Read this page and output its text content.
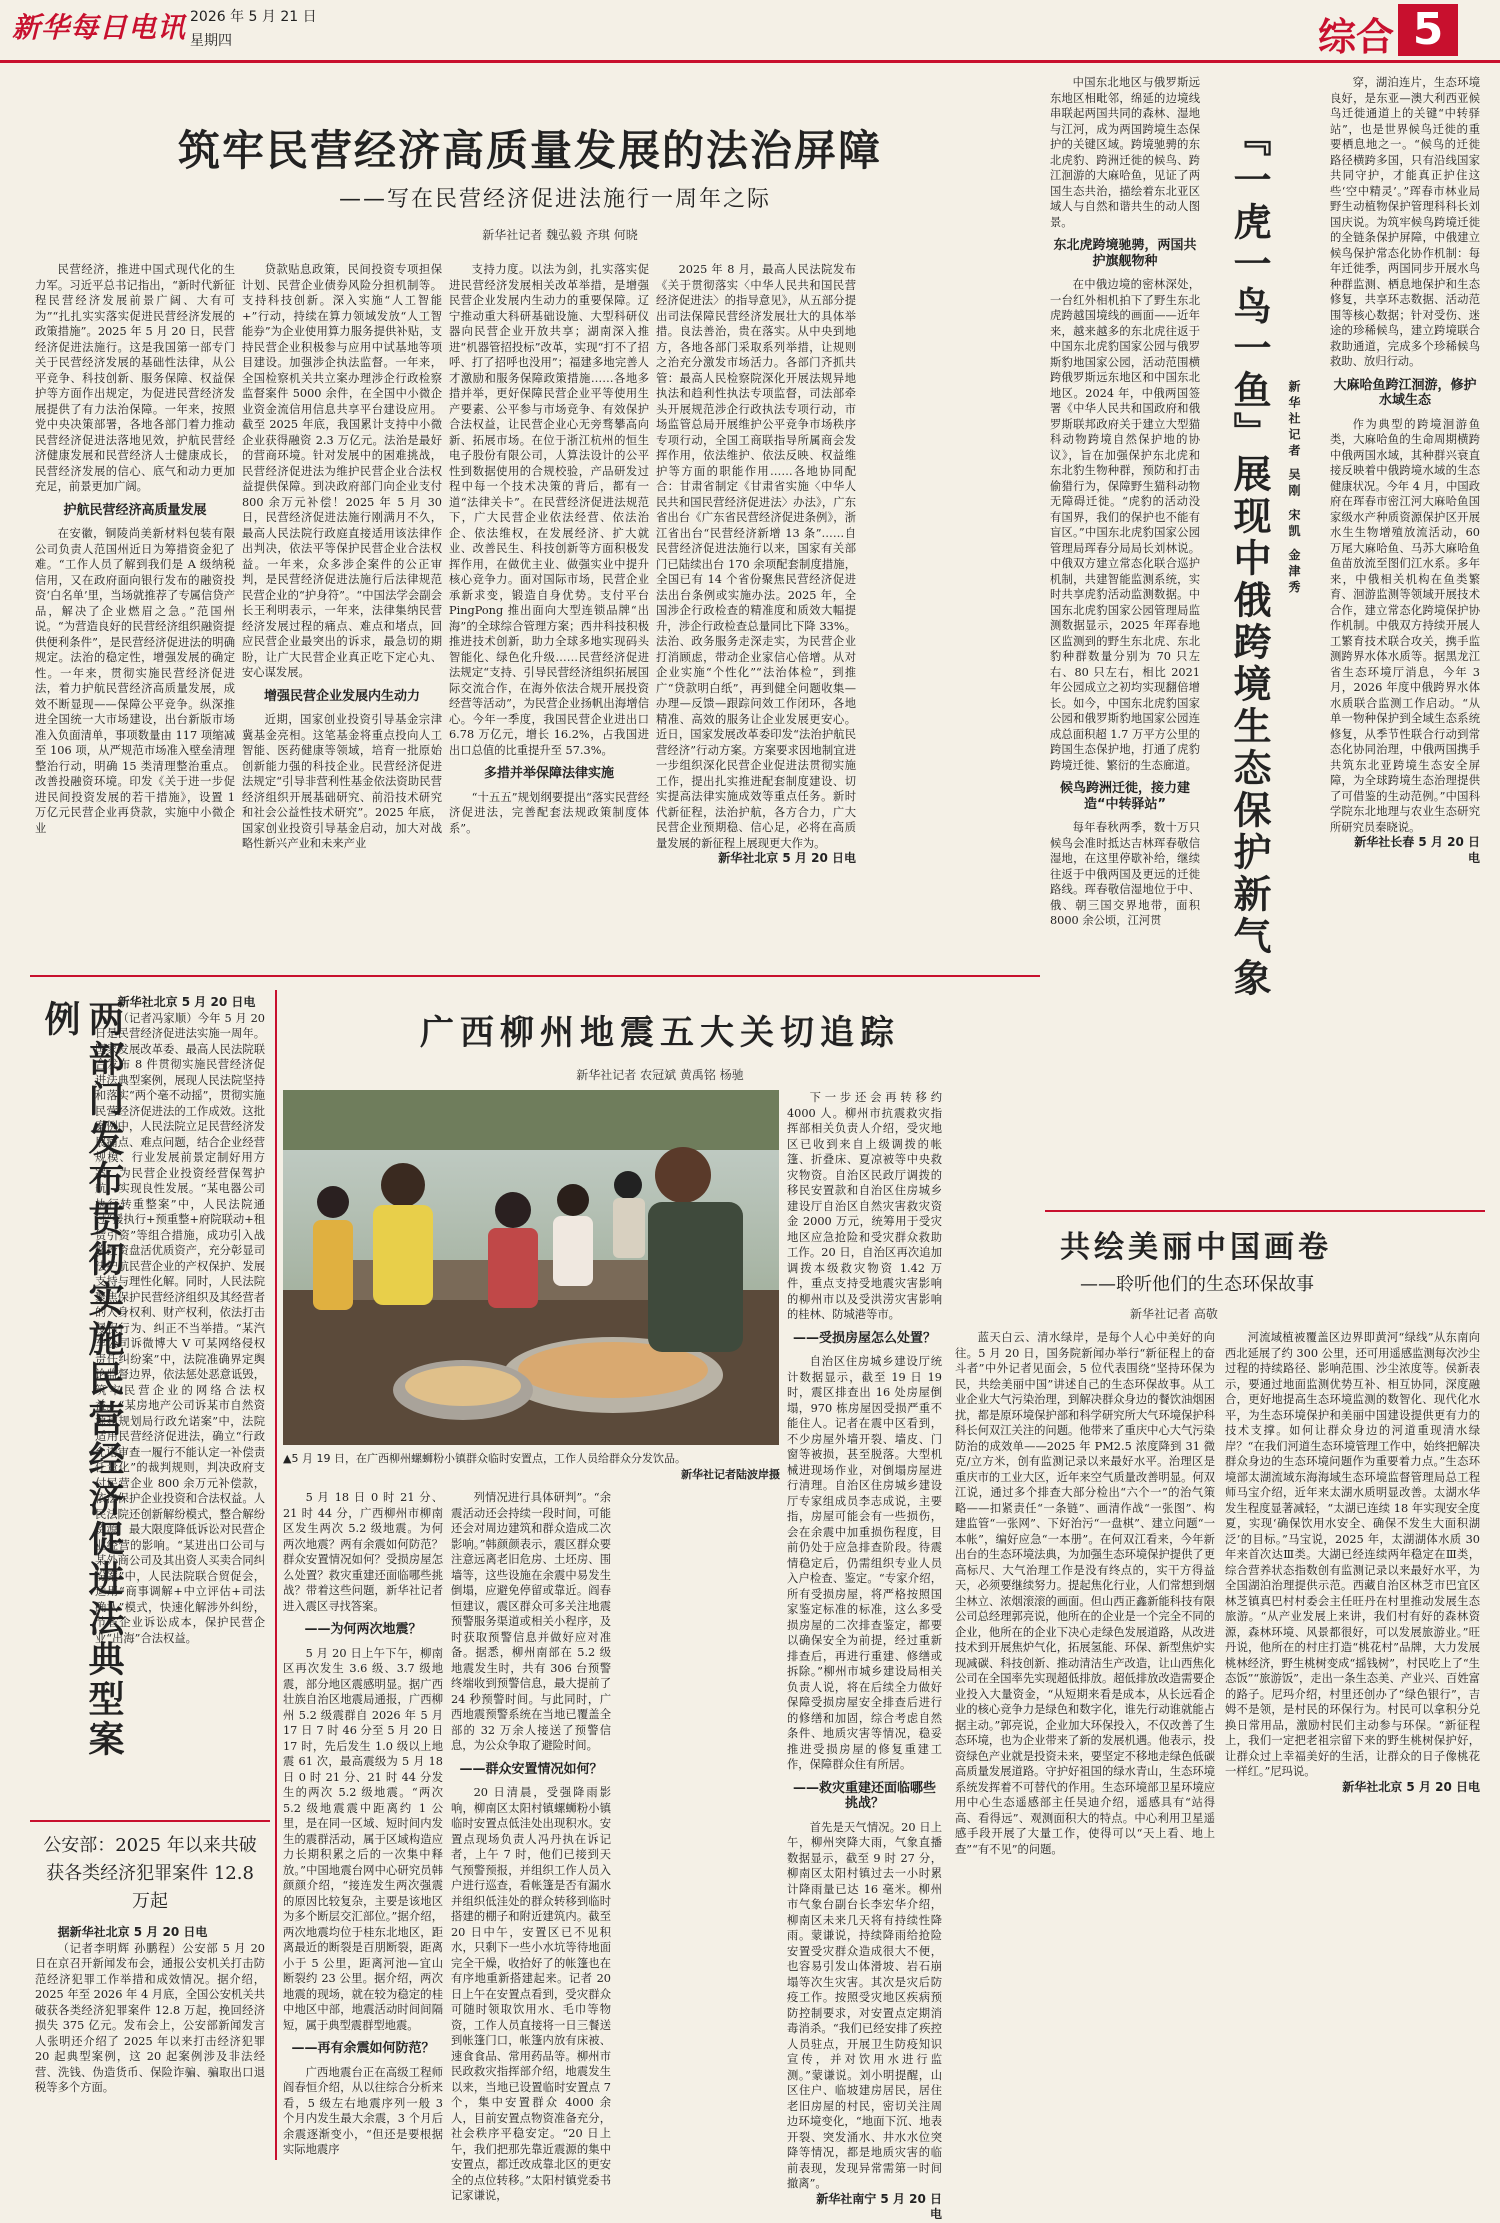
新华每日电讯 2026 年 5 月 21 日
星期四	综合 5
筑牢民营经济高质量发展的法治屏障
——写在民营经济促进法施行一周年之际
新华社记者 魏弘毅 齐琪 何晓

民营经济，推进中国式现代化的生力军。习近平总书记指出，“新时代新征程民营经济发展前景广阔、大有可为”“扎扎实实落实促进民营经济发展的政策措施”。2025 年 5 月 20 日，民营经济促进法施行。这是我国第一部专门关于民营经济发展的基础性法律，从公平竞争、科技创新、服务保障、权益保护等方面作出规定，为促进民营经济发展提供了有力法治保障。一年来，按照党中央决策部署，各地各部门着力推动民营经济促进法落地见效，护航民营经济健康发展和民营经济人士健康成长，民营经济发展的信心、底气和动力更加充足，前景更加广阔。

护航民营经济高质量发展

在安徽，铜陵尚美新材料包装有限公司负责人范国州近日为筹措资金犯了难。“工作人员了解到我们是 A 级纳税信用，又在政府面向银行发布的融资投资‘白名单’里，当场就推荐了专属信贷产品，解决了企业燃眉之急。”范国州说。“为营造良好的民营经济组织融资提供便利条件”，是民营经济促进法的明确规定。法治的稳定性，增强发展的确定性。一年来，贯彻实施民营经济促进法，着力护航民营经济高质量发展，成效不断显现——保障公平竞争。纵深推进全国统一大市场建设，出台新版市场准入负面清单，事项数量由 117 项缩减至 106 项，从严规范市场准入壁垒清理整治行动，明确 15 类清理整治重点。改善投融资环境。印发《关于进一步促进民间投资发展的若干措施》，设置 1 万亿元民营企业再贷款，实施中小微企业

贷款贴息政策，民间投资专项担保计划、民营企业债券风险分担机制等。支持科技创新。深入实施“人工智能+”行动，持续在算力领域发放“人工智能券”为企业使用算力服务提供补贴，支持民营企业积极参与应用中试基地等项目建设。加强涉企执法监督。一年来，全国检察机关共立案办理涉企行政检察监督案件 5000 余件，在全国中小微企业资金流信用信息共享平台建设应用。截至 2025 年底，我国累计支持中小微企业获得融资 2.3 万亿元。法治是最好的营商环境。针对发展中的困难挑战，民营经济促进法为维护民营企业合法权益提供保障。到决政府部门向企业支付 800 余万元补偿！2025 年 5 月 30 日，民营经济促进法施行刚满月不久，最高人民法院行政庭直接适用该法律作出判决，依法平等保护民营企业合法权益。一年来，众多涉企案件的公正审判，是民营经济促进法施行后法律规范民营企业的“护身符”。“中国法学会副会长王利明表示，一年来，法律集纳民营经济发展过程的痛点、难点和堵点，回应民营企业最突出的诉求，最急切的期盼，让广大民营企业真正吃下定心丸、安心谋发展。

增强民营企业发展内生动力

近期，国家创业投资引导基金宗津冀基金亮相。这笔基金将重点投向人工智能、医药健康等领域，培育一批原始创新能力强的科技企业。民营经济促进法规定“引导非营利性基金依法资助民营经济组织开展基础研究、前沿技术研究和社会公益性技术研究”。2025 年底，国家创业投资引导基金启动，加大对战略性新兴产业和未来产业

支持力度。以法为剑，扎实落实促进民营经济发展相关改革举措，是增强民营企业发展内生动力的重要保障。辽宁推动重大科研基础设施、大型科研仪器向民营企业开放共享；湖南深入推进“机器管招投标”改革，实现“打不了招呼、打了招呼也没用”；福建多地完善人才激励和服务保障政策措施……各地多措并举，更好保障民营企业平等使用生产要素、公平参与市场竞争、有效保护合法权益，让民营企业心无旁骛攀高向新、拓展市场。在位于浙江杭州的恒生电子股份有限公司，人算法设计的公平性到数据使用的合规校验，产品研发过程中每一个技术决策的背后，都有一道“法律关卡”。在民营经济促进法规范下，广大民营企业依法经营、依法治企、依法维权，在发展经济、扩大就业、改善民生、科技创新等方面积极发挥作用，在做优主业、做强实业中提升核心竞争力。面对国际市场，民营企业承新求变，锻造自身优势。支付平台 PingPong 推出面向大型连锁品牌“出海”的全球综合管理方案；西井科技积极推进技术创新，助力全球多地实现码头智能化、绿色化升级……民营经济促进法规定“支持、引导民营经济组织拓展国际交流合作，在海外依法合规开展投资经营等活动”，为民营企业扬帆出海增信心。今年一季度，我国民营企业进出口 6.78 万亿元，增长 16.2%，占我国进出口总值的比重提升至 57.3%。

多措并举保障法律实施

“十五五”规划纲要提出“落实民营经济促进法，完善配套法规政策制度体系”。

2025 年 8 月，最高人民法院发布《关于贯彻落实〈中华人民共和国民营经济促进法〉的指导意见》，从五部分提出司法保障民营经济发展壮大的具体举措。良法善治，贵在落实。从中央到地方，各地各部门采取系列举措，让规则之治充分激发市场活力。各部门齐抓共管：最高人民检察院深化开展法规异地执法和趋利性执法专项监督，司法部牵头开展规范涉企行政执法专项行动，市场监管总局开展维护公平竞争市场秩序专项行动，全国工商联指导所属商会发挥作用，依法维护、依法反映、权益维护等方面的职能作用……各地协同配合：甘肃省制定《甘肃省实施〈中华人民共和国民营经济促进法〉办法》，广东省出台《广东省民营经济促进条例》，浙江省出台“民营经济新增 13 条”……自民营经济促进法施行以来，国家有关部门已陆续出台 170 余项配套制度措施，全国已有 14 个省份聚焦民营经济促进法出台条例或实施办法。2025 年，全国涉企行政检查的精准度和质效大幅提升，涉企行政检查总量同比下降 33%。法治、政务服务走深走实，为民营企业打消顾虑，带动企业家信心倍增。从对企业实施“个性化”“法治体检”，到推广“贷款明白纸”，再到健全问题收集—办理—反馈—跟踪问效工作闭环，各地精准、高效的服务让企业发展更安心。近日，国家发展改革委印发“法治护航民营经济”行动方案。方案要求因地制宜进一步组织深化民营企业促进法贯彻实施工作，提出扎实推进配套制度建设、切实提高法律实施成效等重点任务。新时代新征程，法治护航，各方合力，广大民营企业预期稳、信心足，必将在高质量发展的新征程上展现更大作为。

新华社北京 5 月 20 日电

两部门发布贯彻实施民营经济促进法典型案例	新华社北京 5 月 20 日电

（记者冯家顺）今年 5 月 20 日是民营经济促进法实施一周年。国家发展改革委、最高人民法院联合发布 8 件贯彻实施民营经济促进法典型案例，展现人民法院坚持和落实“两个毫不动摇”，贯彻实施民营经济促进法的工作成效。这批案例中，人民法院立足民营经济发展痛点、难点问题，结合企业经营规模、行业发展前景定制好用方案，为民营企业投资经营保驾护航，实现良性发展。“某电器公司执行转重整案”中，人民法院通过“援执行+预重整+府院联动+租赁引资”等组合措施，成功引入战略投资盘活优质资产，充分彰显司法护航民营企业的产权保护、发展支持与理性化解。同时，人民法院聚焦保护民营经济组织及其经营者的人身权利、财产权利，依法打击侵权行为、纠正不当举措。“某汽车公司诉微博大 V 可某网络侵权责任纠纷案”中，法院准确界定舆论监督边界，依法惩处恶意诋毁，筑牢民营企业的网络合法权益。“某房地产公司诉某市自然资源和规划局行政允诺案”中，法院适用民营经济促进法，确立“行政允诺审查一履行不能认定一补偿责任量化”的裁判规则，判决政府支付民营企业 800 余万元补偿款，依法保护企业投资和合法权益。人民法院还创新解纷模式，整合解纷资源，最大限度降低诉讼对民营企业经营的影响。“某进出口公司与某外商公司及其出资人买卖合同纠纷案”中，人民法院联合贸促会，运用“商事调解+中立评估+司法确认”模式，快速化解涉外纠纷，节省企业诉讼成本，保护民营企业“出海”合法权益。

公安部：2025 年以来共破获各类经济犯罪案件 12.8 万起

据新华社北京 5 月 20 日电

（记者李明辉 孙鹏程）公安部 5 月 20 日在京召开新闻发布会，通报公安机关打击防范经济犯罪工作举措和成效情况。据介绍，2025 年至 2026 年 4 月底，全国公安机关共破获各类经济犯罪案件 12.8 万起，挽回经济损失 375 亿元。发布会上，公安部新闻发言人张明还介绍了 2025 年以来打击经济犯罪 20 起典型案例，这 20 起案例涉及非法经营、洗钱、伪造货币、保险诈骗、骗取出口退税等多个方面。

广西柳州地震五大关切追踪
新华社记者 农冠斌 黄禹铭 杨驰
▲5 月 19 日，在广西柳州螺蛳粉小镇群众临时安置点，工作人员给群众分发饮品。
新华社记者陆波岸摄

5 月 18 日 0 时 21 分、21 时 44 分，广西柳州市柳南区发生两次 5.2 级地震。为何两次地震？两有余震如何防范？群众安置情况如何？受损房屋怎么处置？救灾重建还面临哪些挑战？带着这些问题，新华社记者进入震区寻找答案。

——为何两次地震？

5 月 20 日上午下午，柳南区再次发生 3.6 级、3.7 级地震，部分地区震感明显。据广西壮族自治区地震局通报，广西柳州 5.2 级震群自 2026 年 5 月 17 日 7 时 46 分至 5 月 20 日 17 时，先后发生 1.0 级以上地震 61 次，最高震级为 5 月 18 日 0 时 21 分、21 时 44 分发生的两次 5.2 级地震。“两次 5.2 级地震震中距离约 1 公里，是在同一区域、短时间内发生的震群活动，属于区域构造应力长期积累之后的一次集中释放。”中国地震台网中心研究员韩颜颜介绍，“接连发生两次强震的原因比较复杂，主要是该地区为多个断层交汇部位。”据介绍，两次地震均位于桂东北地区，距离最近的断裂是百朋断裂，距离小于 5 公里，距离河池—宜山断裂约 23 公里。据介绍，两次地震的现场，就在较为稳定的桂中地区中部，地震活动时间间隔短，属于典型震群型地震。

——再有余震如何防范？

广西地震台正在高级工程师阎春恒介绍，从以往综合分析来看，5 级左右地震序列一般 3 个月内发生最大余震，3 个月后余震逐渐变小，“但还是要根据实际地震序

列情况进行具体研判”。“余震活动还会持续一段时间，可能还会对周边建筑和群众造成二次影响。”韩颜颜表示，震区群众要注意远离老旧危房、土坯房、围墙等，这些设施在余震中易发生倒塌，应避免停留或靠近。阎春恒建议，震区群众可多关注地震预警服务渠道或相关小程序，及时获取预警信息并做好应对准备。据悉，柳州南部在 5.2 级地震发生时，共有 306 台预警终端收到预警信息，最大提前了 24 秒预警时间。与此同时，广西地震预警系统在当地已覆盖全部的 32 万余人接送了预警信息，为公众争取了避险时间。

——群众安置情况如何？

20 日清晨，受强降雨影响，柳南区太阳村镇螺蛳粉小镇临时安置点低洼处出现积水。安置点现场负责人冯丹执在诉记者，上午 7 时，他们已接到天气预警预报，并组织工作人员入户进行巡查，看帐篷是否有漏水并组织低洼处的群众转移到临时搭建的棚子和附近建筑内。截至 20 日中午，安置区已不见积水，只剩下一些小水坑等待地面完全干燥，收拾好了的帐篷也在有序地重新搭建起来。记者 20 日上午在安置点看到，受灾群众可随时领取饮用水、毛巾等物资，工作人员直接将一日三餐送到帐篷门口，帐篷内放有床被、速食食品、常用药品等。柳州市民政救灾指挥部介绍，地震发生以来，当地已设置临时安置点 7 个，集中安置群众 4000 余人，目前安置点物资准备充分，社会秩序平稳安定。“20 日上午，我们把那先靠近震源的集中安置点，都迁改成靠北区的更安全的点位转移。”太阳村镇党委书记家谦说，

下一步还会再转移约 4000 人。柳州市抗震救灾指挥部相关负责人介绍，受灾地区已收到来自上级调拨的帐篷、折叠床、夏凉被等中央救灾物资。自治区民政厅调拨的移民安置款和自治区住房城乡建设厅自治区自然灾害救灾资金 2000 万元，统筹用于受灾地区应急抢险和受灾群众救助工作。20 日，自治区再次追加调拨本级救灾物资 1.42 万件，重点支持受地震灾害影响的柳州市以及受洪涝灾害影响的桂林、防城港等市。

——受损房屋怎么处置？

自治区住房城乡建设厅统计数据显示，截至 19 日 19 时，震区排查出 16 处房屋倒塌，970 栋房屋因受损严重不能住人。记者在震中区看到，不少房屋外墙开裂、墙皮、门窗等被损，甚至脱落。大型机械进现场作业，对倒塌房屋进行清理。自治区住房城乡建设厅专家组成员李志成说，主要指，房屋可能会有一些损伤，会在余震中加重损伤程度，目前仍处于应急排查阶段。待震情稳定后，仍需组织专业人员入户检查、鉴定。“专家介绍，所有受损房屋，将严格按照国家鉴定标准的标准，这么多受损房屋的二次排查鉴定，都要以确保安全为前提，经过重新排查后，再进行重建、修缮或拆除。”柳州市城乡建设局相关负责人说，将在后续全力做好保障受损房屋安全排查后进行的修缮和加固，综合考虑自然条件、地质灾害等情况，稳妥推进受损房屋的修复重建工作，保障群众住有所居。

——救灾重建还面临哪些挑战？

首先是天气情况。20 日上午，柳州突降大雨，气象直播数据显示，截至 9 时 27 分，柳南区太阳村镇过去一小时累计降雨量已达 16 毫米。柳州市气象台副台长李宏华介绍，柳南区未来几天将有持续性降雨。蒙谦说，持续降雨给抢险安置受灾群众造成很大不便，也容易引发山体滑坡、岩石崩塌等次生灾害。其次是灾后防疫工作。按照受灾地区疾病预防控制要求，对安置点定期消毒消杀。“我们已经安排了疾控人员驻点，开展卫生防疫知识宣传，并对饮用水进行监测。”蒙谦说。刘小明提醒，山区住户、临坡建房居民，居住老旧房屋的村民，密切关注周边环境变化，“地面下沉、地表开裂、突发涌水、井水水位突降等情况，都是地质灾害的临前表现，发现异常需第一时间撤离”。

新华社南宁 5 月 20 日电

中国东北地区与俄罗斯远东地区相毗邻，绵延的边境线串联起两国共同的森林、湿地与江河，成为两国跨境生态保护的关键区域。跨境驰骋的东北虎豹、跨洲迁徙的候鸟、跨江洄游的大麻哈鱼，见证了两国生态共治，描绘着东北亚区域人与自然和谐共生的动人图景。

东北虎跨境驰骋，两国共护旗舰物种

在中俄边境的密林深处，一台红外相机拍下了野生东北虎跨越国境线的画面——近年来，越来越多的东北虎往返于中国东北虎豹国家公园与俄罗斯豹地国家公园，活动范围横跨俄罗斯远东地区和中国东北地区。2024 年，中俄两国签署《中华人民共和国政府和俄罗斯联邦政府关于建立大型猫科动物跨境自然保护地的协议》，旨在加强保护东北虎和东北豹生物种群，预防和打击偷猎行为，保障野生猫科动物无障碍迁徙。“虎豹的活动没有国界，我们的保护也不能有盲区。”中国东北虎豹国家公园管理局珲春分局局长刘林说。中俄双方建立常态化联合巡护机制，共建智能监测系统，实时共享虎豹活动监测数据。中国东北虎豹国家公园管理局监测数据显示，2025 年珲春地区监测到的野生东北虎、东北豹种群数量分别为 70 只左右、80 只左右，相比 2021 年公园成立之初均实现翻倍增长。如今，中国东北虎豹国家公园和俄罗斯豹地国家公园连成总面积超 1.7 万平方公里的跨国生态保护地，打通了虎豹跨境迁徙、繁衍的生态廊道。

候鸟跨洲迁徙，接力建造“中转驿站”

每年春秋两季，数十万只候鸟会准时抵达吉林珲春敬信湿地，在这里停歇补给，继续往返于中俄两国及更远的迁徙路线。珲春敬信湿地位于中、俄、朝三国交界地带，面积 8000 余公顷，江河贯	『一虎一鸟一鱼』展现中俄跨境生态保护新气象	新华社记者 吴刚 宋凯 金津秀

穿，湖泊连片，生态环境良好，是东亚—澳大利西亚候鸟迁徙通道上的关键“中转驿站”，也是世界候鸟迁徙的重要栖息地之一。“候鸟的迁徙路径横跨多国，只有沿线国家共同守护，才能真正护住这些‘空中精灵’。”珲春市林业局野生动植物保护管理科科长刘国庆说。为筑牢候鸟跨境迁徙的全链条保护屏障，中俄建立候鸟保护常态化协作机制：每年迁徙季，两国同步开展水鸟种群监测、栖息地保护和生态修复，共享环志数据、活动范围等核心数据；针对受伤、迷途的珍稀候鸟，建立跨境联合救助通道，完成多个珍稀候鸟救助、放归行动。

大麻哈鱼跨江洄游，修护水域生态

作为典型的跨境洄游鱼类，大麻哈鱼的生命周期横跨中俄两国水域，其种群兴衰直接反映着中俄跨境水域的生态健康状况。今年 4 月，中国政府在珲春市密江河大麻哈鱼国家级水产种质资源保护区开展水生生物增殖放流活动，60 万尾大麻哈鱼、马苏大麻哈鱼鱼苗放流至图们江水系。多年来，中俄相关机构在鱼类繁育、洄游监测等领域开展技术合作，建立常态化跨境保护协作机制。中俄双方持续开展人工繁育技术联合攻关，携手监测跨界水体水质等。据黑龙江省生态环境厅消息，今年 3 月，2026 年度中俄跨界水体水质联合监测工作启动。“从单一物种保护到全域生态系统修复，从季节性联合行动到常态化协同治理，中俄两国携手共筑东北亚跨境生态安全屏障，为全球跨境生态治理提供了可借鉴的生动范例。”中国科学院东北地理与农业生态研究所研究员秦晓说。

新华社长春 5 月 20 日电

共绘美丽中国画卷
——聆听他们的生态环保故事
新华社记者 高敬

蓝天白云、清水绿岸，是每个人心中美好的向往。5 月 20 日，国务院新闻办举行“新征程上的奋斗者”中外记者见面会，5 位代表围绕“坚持环保为民，共绘美丽中国”讲述自己的生态环保故事。从工业企业大气污染治理，到解决群众身边的餐饮油烟困扰，都是原环境保护部和科学研究所大气环境保护科科长何双江关注的问题。他带来了重庆中心大气污染防治的成效单——2025 年 PM2.5 浓度降到 31 微克/立方米，创有监测记录以来最好水平。治理区是重庆市的工业大区，近年来空气质量改善明显。何双江说，通过多个排查大部分检出“六个一”的治气策略——扣紧责任“一条链”、画清作战“一张图”、构建监管“一张网”、下好治污“一盘棋”、建立问题“一本帐”，编好应急“一本册”。在何双江看来，今年新出台的生态环境法典，为加强生态环境保护提供了更高标尺、大气治理工作是没有终点的，实干方得益天，必须要继续努力。提起焦化行业，人们常想到烟尘林立、浓烟滚滚的画面。但山西正鑫新能科技有限公司总经理郭亮说，他所在的企业是一个完全不同的企业，他所在的企业下决心走绿色发展道路，从改进技术到开展焦炉气化，拓展氢能、环保、新型焦炉实现减碳、科技创新、推动清洁生产改造，让山西焦化公司在全国率先实现超低排放。超低排放改造需要企业投入大量资金，“从短期来看是成本，从长远看企业的核心竞争力是绿色和数字化，谁先行动谁就能占据主动。”郭亮说，企业加大环保投入，不仅改善了生态环境，也为企业带来了新的发展机遇。他表示，投资绿色产业就是投资未来，要坚定不移地走绿色低碳高质量发展道路。守护好祖国的绿水青山，生态环境系统发挥着不可替代的作用。生态环境部卫星环境应用中心生态遥感部主任吴迪介绍，遥感具有“站得高、看得远”、观测面积大的特点。中心利用卫星遥感手段开展了大量工作，使得可以“天上看、地上查”“有不见”的问题。

河流域植被覆盖区边界即黄河“绿线”从东南向西北延展了约 300 公里，还可用遥感监测每次沙尘过程的持续路径、影响范围、沙尘浓度等。侯新表示，要通过地面监测优势互补、相互协同，深度融合，更好地提高生态环境监测的数智化、现代化水平，为生态环境保护和美丽中国建设提供更有力的技术支撑。如何让群众身边的河道重现清水绿岸？“在我们河道生态环境管理工作中，始终把解决群众身边的生态环境问题作为重要着力点。”生态环境部太湖流域东海海域生态环境监督管理局总工程师马宝介绍，近年来太湖水质明显改善。太湖水华发生程度显著减轻，“太湖已连续 18 年实现安全度夏，实现‘确保饮用水安全、确保不发生大面积湖泛’的目标。”马宝说，2025 年，太湖湖体水质 30 年来首次达Ⅲ类。大湖已经连续两年稳定在Ⅲ类，综合营养状态指数创有监测记录以来最好水平，为全国湖泊治理提供示范。西藏自治区林芝市巴宜区林芝镇真巴村村委会主任旺丹在村里推动发展生态旅游。“从产业发展上来讲，我们村有好的森林资源，森林环境、风景都很好，可以发展旅游业。”旺丹说，他所在的村庄打造“桃花村”品牌，大力发展桃林经济，野生桃树变成“摇钱树”，村民吃上了“生态饭”“旅游饭”，走出一条生态美、产业兴、百姓富的路子。尼玛介绍，村里还创办了“绿色银行”，吉姆不是领，是村民的环保行为。村民可以拿积分兑换日常用品，激励村民们主动参与环保。“新征程上，我们一定把老祖宗留下来的野生桃树保护好，让群众过上幸福美好的生活，让群众的日子像桃花一样红。”尼玛说。

新华社北京 5 月 20 日电
